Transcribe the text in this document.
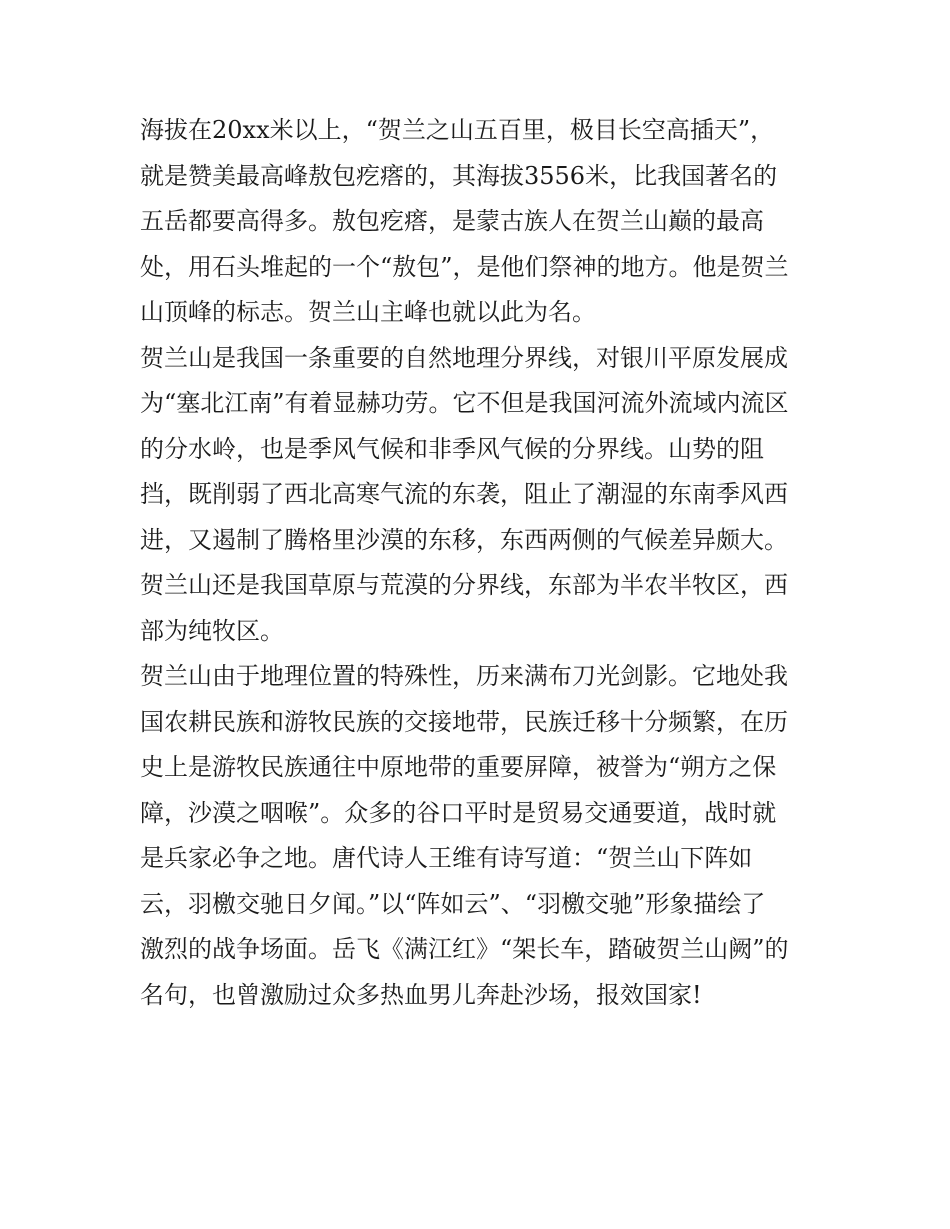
海拔在20xx米以上，“贺兰之山五百里，极目长空高插天”，
就是赞美最高峰敖包疙瘩的，其海拔3556米，比我国著名的
五岳都要高得多。敖包疙瘩，是蒙古族人在贺兰山巅的最高
处，用石头堆起的一个“敖包”，是他们祭神的地方。他是贺兰
山顶峰的标志。贺兰山主峰也就以此为名。
贺兰山是我国一条重要的自然地理分界线，对银川平原发展成
为“塞北江南”有着显赫功劳。它不但是我国河流外流域内流区
的分水岭，也是季风气候和非季风气候的分界线。山势的阻
挡，既削弱了西北高寒气流的东袭，阻止了潮湿的东南季风西
进，又遏制了腾格里沙漠的东移，东西两侧的气候差异颇大。
贺兰山还是我国草原与荒漠的分界线，东部为半农半牧区，西
部为纯牧区。
贺兰山由于地理位置的特殊性，历来满布刀光剑影。它地处我
国农耕民族和游牧民族的交接地带，民族迁移十分频繁，在历
史上是游牧民族通往中原地带的重要屏障，被誉为“朔方之保
障，沙漠之咽喉”。众多的谷口平时是贸易交通要道，战时就
是兵家必争之地。唐代诗人王维有诗写道：“贺兰山下阵如
云，羽檄交驰日夕闻。”以“阵如云”、“羽檄交驰”形象描绘了
激烈的战争场面。岳飞《满江红》“架长车，踏破贺兰山阙”的
名句，也曾激励过众多热血男儿奔赴沙场，报效国家!
